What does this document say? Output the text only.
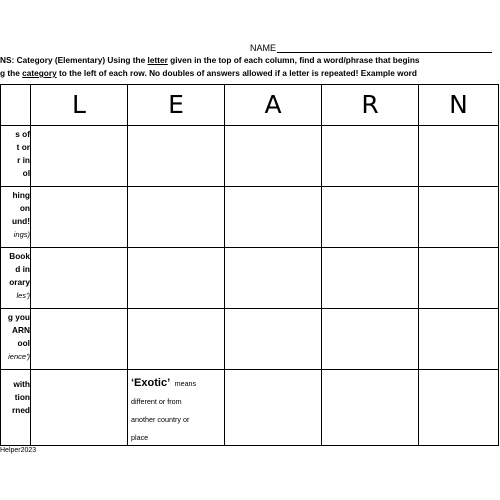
NAME
NS: Category (Elementary) Using the letter given in the top of each column, find a word/phrase that begins
g the category to the left of each row. No doubles of answers allowed if a letter is repeated! Example word

	L	E	A	R	N

s of
t or
r in
ol					

hing
on
und!
ings)					

Book
d in
orary
les')					

g you
ARN
ool
ience')					

with
tion
rned		‘Exotic’ means
different or from
another country or
place			

Helper2023
